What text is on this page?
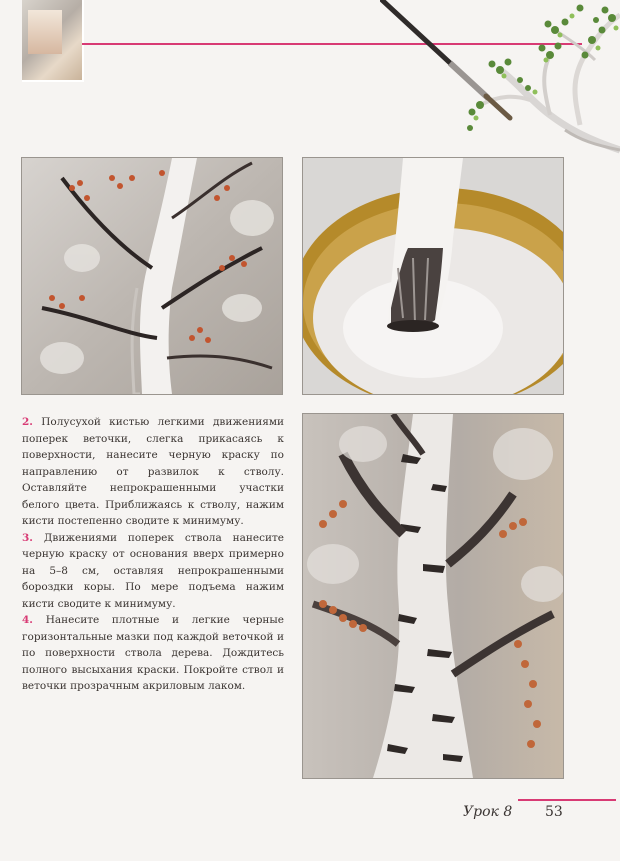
2. Полусухой кистью легкими движениями поперек веточки, слегка прикасаясь к поверхности, нанесите черную краску по направлению от развилок к стволу. Оставляйте непрокрашенными участки белого цвета. Приближаясь к стволу, нажим кисти постепенно сводите к минимуму.

3. Движениями поперек ствола нанесите черную краску от основания вверх примерно на 5–8 см, оставляя непрокрашенными бороздки коры. По мере подъема нажим кисти сводите к минимуму.

4. Нанесите плотные и легкие черные горизонтальные мазки под каждой веточкой и по поверхности ствола дерева. Дождитесь полного высыхания краски. Покройте ствол и веточки прозрачным акриловым лаком.

Урок 8 53
